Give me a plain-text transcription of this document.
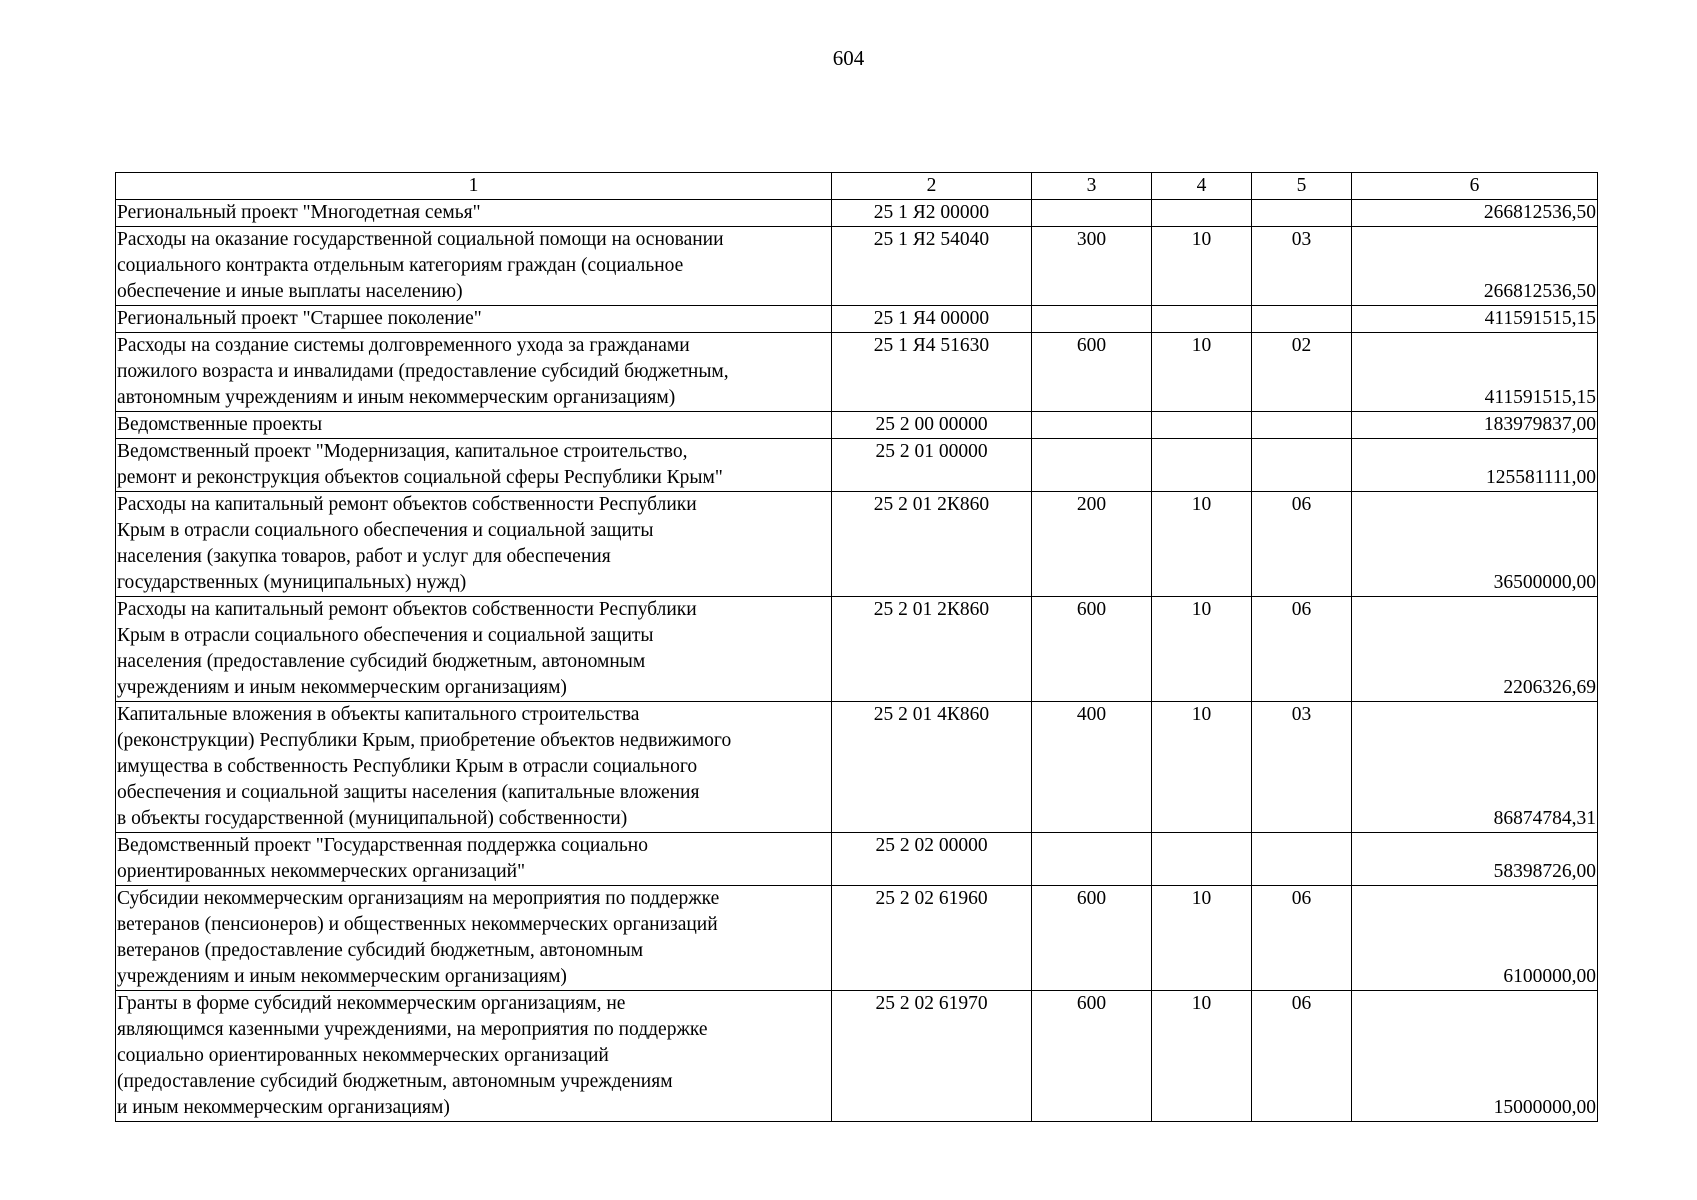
604
1	2	3	4	5	6

Региональный проект "Многодетная семья"	25 1 Я2 00000				266812536,50

Расходы на оказание государственной социальной помощи на основании
социального контракта отдельным категориям граждан (социальное
обеспечение и иные выплаты населению)	25 1 Я2 54040	300	10	03	266812536,50

Региональный проект "Старшее поколение"	25 1 Я4 00000				411591515,15

Расходы на создание системы долговременного ухода за гражданами
пожилого возраста и инвалидами (предоставление субсидий бюджетным,
автономным учреждениям и иным некоммерческим организациям)	25 1 Я4 51630	600	10	02	411591515,15

Ведомственные проекты	25 2 00 00000				183979837,00

Ведомственный проект "Модернизация, капитальное строительство,
ремонт и реконструкция объектов социальной сферы Республики Крым"	25 2 01 00000				125581111,00

Расходы на капитальный ремонт объектов собственности Республики
Крым в отрасли социального обеспечения и социальной защиты
населения (закупка товаров, работ и услуг для обеспечения
государственных (муниципальных) нужд)	25 2 01 2К860	200	10	06	36500000,00

Расходы на капитальный ремонт объектов собственности Республики
Крым в отрасли социального обеспечения и социальной защиты
населения (предоставление субсидий бюджетным, автономным
учреждениям и иным некоммерческим организациям)	25 2 01 2К860	600	10	06	2206326,69

Капитальные вложения в объекты капитального строительства
(реконструкции) Республики Крым, приобретение объектов недвижимого
имущества в собственность Республики Крым в отрасли социального
обеспечения и социальной защиты населения (капитальные вложения
в объекты государственной (муниципальной) собственности)	25 2 01 4К860	400	10	03	86874784,31

Ведомственный проект "Государственная поддержка социально
ориентированных некоммерческих организаций"	25 2 02 00000				58398726,00

Субсидии некоммерческим организациям на мероприятия по поддержке
ветеранов (пенсионеров) и общественных некоммерческих организаций
ветеранов (предоставление субсидий бюджетным, автономным
учреждениям и иным некоммерческим организациям)	25 2 02 61960	600	10	06	6100000,00

Гранты в форме субсидий некоммерческим организациям, не
являющимся казенными учреждениями, на мероприятия по поддержке
социально ориентированных некоммерческих организаций
(предоставление субсидий бюджетным, автономным учреждениям
и иным некоммерческим организациям)	25 2 02 61970	600	10	06	15000000,00
